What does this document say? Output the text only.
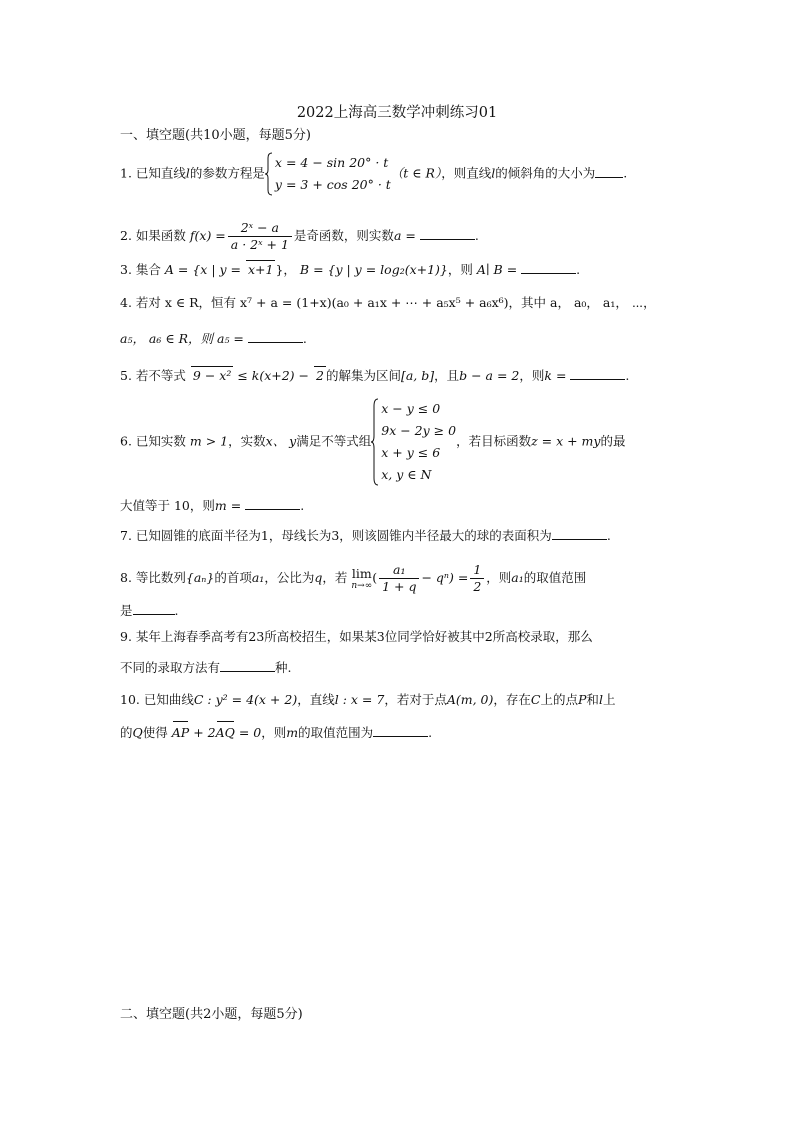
2022上海高三数学冲刺练习01
一、填空题(共10小题，每题5分)
1. 已知直线l的参数方程是
x = 4 − sin 20° · t
y = 3 + cos 20° · t
（t ∈ R），则直线l的倾斜角的大小为 .
2. 如果函数 $f(x) = \frac{\text{2ˣ − a}}{\text{a · 2ˣ + 1}}$ 是奇函数，则实数a =	.
3. 集合 A = {x | y = x+1 }， B = {y | y = log₂(x+1)}，则 A∣ B =	.
4. 若对 x ∈ R，恒有 x⁷ + a = (1+x)(a₀ + a₁x + ⋯ + a₅x⁵ + a₆x⁶)，其中 a， a₀， a₁， ⋯，
a₅， a₆ ∈ R，则 a₅ =	.
5. 若不等式 9 − x² ≤ k(x+2) − 2 的解集为区间[a, b]，且b − a = 2，则k =	.
6. 已知实数 m > 1，实数x、 y满足不等式组
x − y ≤ 0
9x − 2y ≥ 0
x + y ≤ 6
x, y ∈ N
，若目标函数z = x + my的最
大值等于 10，则m =	.
7. 已知圆锥的底面半径为1，母线长为3，则该圆锥内半径最大的球的表面积为	.
8. 等比数列{aₙ}的首项a₁，公比为q，若 lim
n→∞
( $\frac{\text{a₁}}{1 + q} - q^n) = \frac{1}{2}$ ，则a₁的取值范围
是	.
9. 某年上海春季高考有23所高校招生，如果某3位同学恰好被其中2所高校录取，那么
不同的录取方法有	种.
10. 已知曲线C : y² = 4(x + 2)，直线l : x = 7，若对于点A(m, 0)，存在C上的点P和l上
的Q使得 AP + 2AQ = 0，则m的取值范围为	.
二、填空题(共2小题，每题5分)
